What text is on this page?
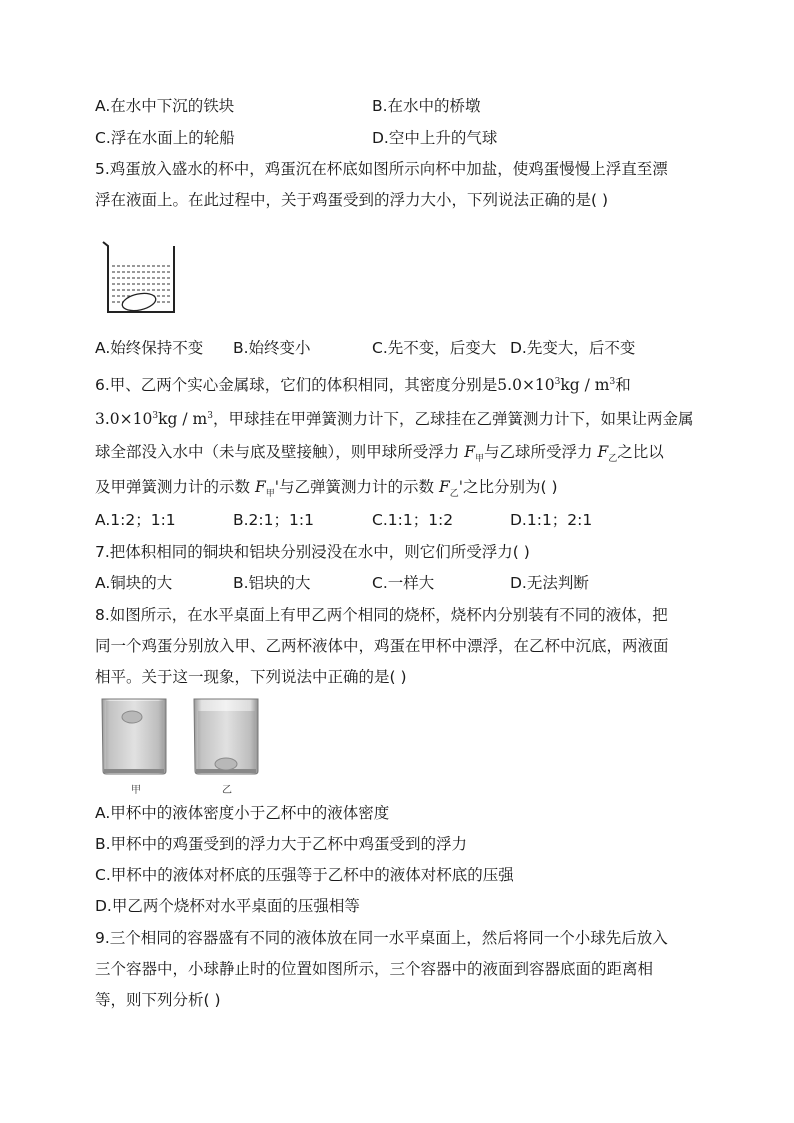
A.在水中下沉的铁块	B.在水中的桥墩
C.浮在水面上的轮船	D.空中上升的气球
5.鸡蛋放入盛水的杯中，鸡蛋沉在杯底如图所示向杯中加盐，使鸡蛋慢慢上浮直至漂
浮在液面上。在此过程中，关于鸡蛋受到的浮力大小，下列说法正确的是( )
A.始终保持不变 B.始终变小	C.先不变，后变大 D.先变大，后不变
6.甲、乙两个实心金属球，它们的体积相同，其密度分别是$5.0\times 10^3kg / m^3$和
$3.0\times 10^3kg / m^3$，甲球挂在甲弹簧测力计下，乙球挂在乙弹簧测力计下，如果让两金属
球全部没入水中（未与底及壁接触），则甲球所受浮力 $F_甲$与乙球所受浮力 $F_乙$之比以
及甲弹簧测力计的示数 $F_甲'$与乙弹簧测力计的示数 $F_乙'$之比分别为( )
A.1:2；1:1	B.2:1；1:1	C.1:1；1:2	D.1:1；2:1
7.把体积相同的铜块和铝块分别浸没在水中，则它们所受浮力( )
A.铜块的大	B.铝块的大	C.一样大	D.无法判断
8.如图所示，在水平桌面上有甲乙两个相同的烧杯，烧杯内分别装有不同的液体，把
同一个鸡蛋分别放入甲、乙两杯液体中，鸡蛋在甲杯中漂浮，在乙杯中沉底，两液面
相平。关于这一现象，下列说法中正确的是( )
甲	乙
A.甲杯中的液体密度小于乙杯中的液体密度
B.甲杯中的鸡蛋受到的浮力大于乙杯中鸡蛋受到的浮力
C.甲杯中的液体对杯底的压强等于乙杯中的液体对杯底的压强
D.甲乙两个烧杯对水平桌面的压强相等
9.三个相同的容器盛有不同的液体放在同一水平桌面上，然后将同一个小球先后放入
三个容器中，小球静止时的位置如图所示，三个容器中的液面到容器底面的距离相
等，则下列分析( )
